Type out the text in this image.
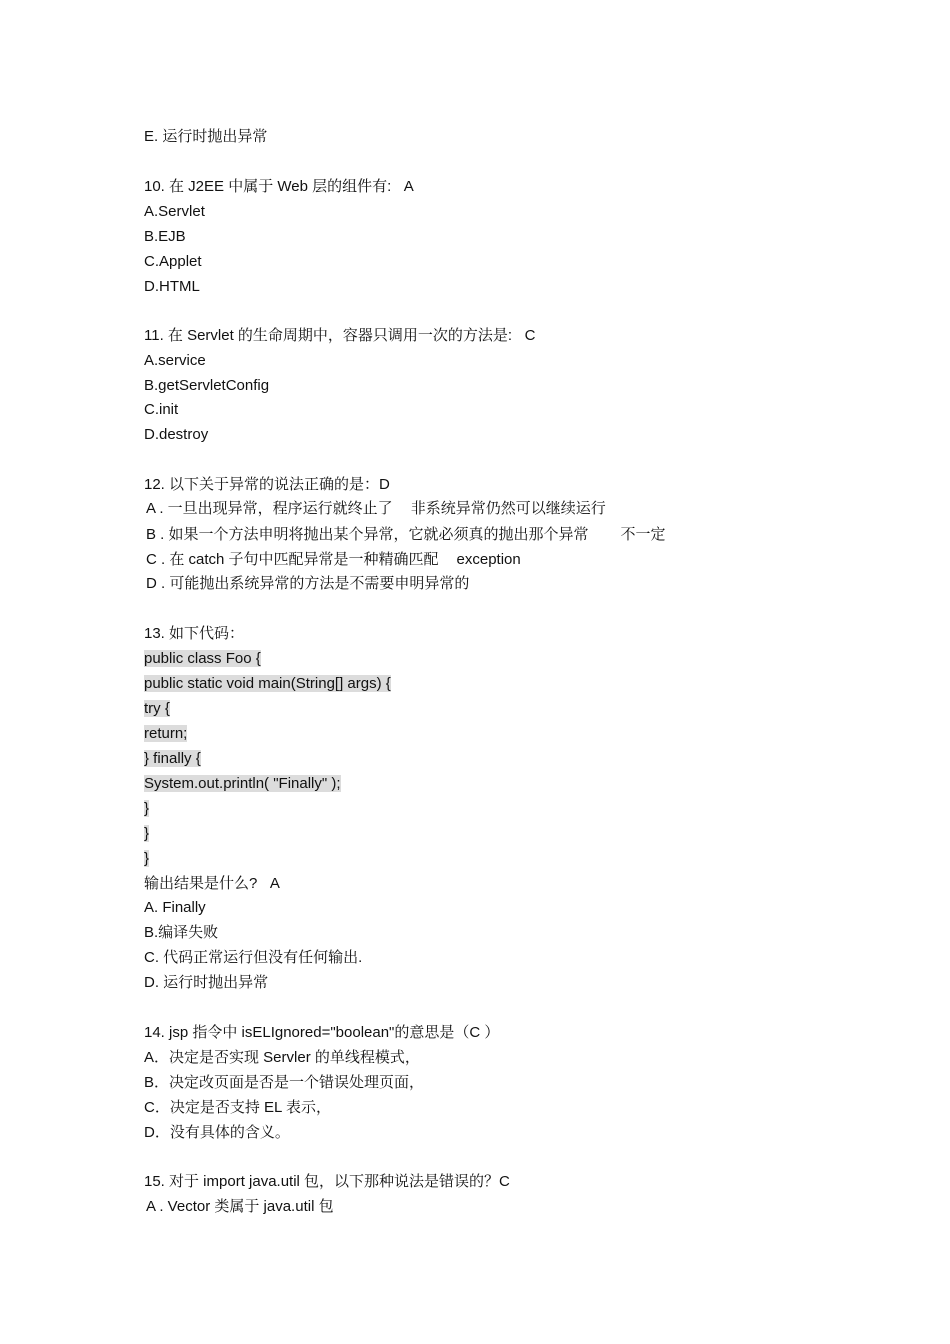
E. 运行时抛出异常
10. 在 J2EE 中属于 Web 层的组件有:   A
A.Servlet
B.EJB
C.Applet
D.HTML
11. 在 Servlet 的生命周期中，容器只调用一次的方法是:   C
A.service
B.getServletConfig
C.init
D.destroy
12. 以下关于异常的说法正确的是：D
A . 一旦出现异常，程序运行就终止了 非系统异常仍然可以继续运行
B . 如果一个方法申明将抛出某个异常，它就必须真的抛出那个异常 不一定
C . 在 catch 子句中匹配异常是一种精确匹配 exception
D . 可能抛出系统异常的方法是不需要申明异常的
13. 如下代码：
public class Foo {
public static void main(String[] args) {
try {
return;
} finally {
System.out.println( "Finally" );
}
}
}
输出结果是什么?   A
A. Finally
B.编译失败
C. 代码正常运行但没有任何输出.
D. 运行时抛出异常
14. jsp 指令中 isELIgnored="boolean"的意思是（C ）
A．决定是否实现 Servler 的单线程模式，
B．决定改页面是否是一个错误处理页面，
C．决定是否支持 EL 表示，
D．没有具体的含义。
15. 对于 import java.util 包，以下那种说法是错误的？C
A . Vector 类属于 java.util 包
